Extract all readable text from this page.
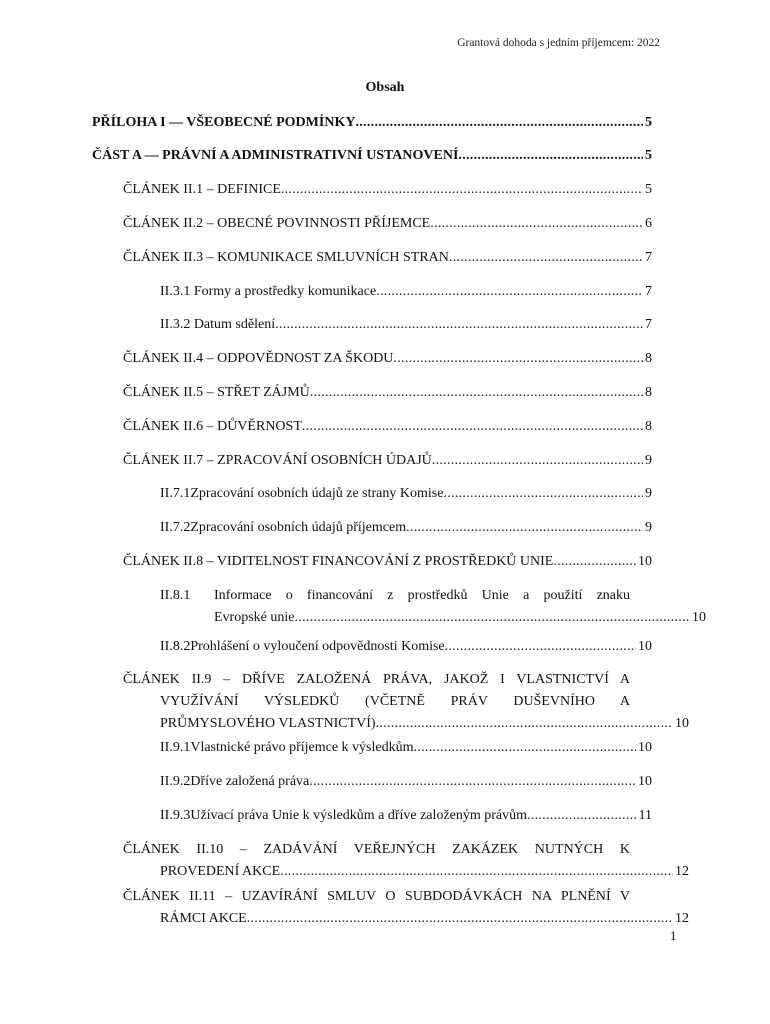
Grantová dohoda s jedním příjemcem: 2022
Obsah
PŘÍLOHA I — VŠEOBECNÉ PODMÍNKY . . .	5
ČÁST A — PRÁVNÍ A ADMINISTRATIVNÍ USTANOVENÍ . . .	5
ČLÁNEK II.1 – DEFINICE . . .	5
ČLÁNEK II.2 – OBECNÉ POVINNOSTI PŘÍJEMCE . . .	6
ČLÁNEK II.3 – KOMUNIKACE SMLUVNÍCH STRAN . . .	7
II.3.1 Formy a prostředky komunikace . . .	7
II.3.2 Datum sdělení . . .	7
ČLÁNEK II.4 – ODPOVĚDNOST ZA ŠKODU . . .	8
ČLÁNEK II.5 – STŘET ZÁJMŮ . . .	8
ČLÁNEK II.6 – DŮVĚRNOST . . .	8
ČLÁNEK II.7 – ZPRACOVÁNÍ OSOBNÍCH ÚDAJŮ . . .	9
II.7.1 Zpracování osobních údajů ze strany Komise . . .	9
II.7.2 Zpracování osobních údajů příjemcem . . .	9
ČLÁNEK II.8 – VIDITELNOST FINANCOVÁNÍ Z PROSTŘEDKŮ UNIE . . .	10
II.8.1	Informace o financování z prostředků Unie a použití znaku
Evropské unie . . .	10
II.8.2 Prohlášení o vyloučení odpovědnosti Komise . . .	10
ČLÁNEK II.9 – DŘÍVE ZALOŽENÁ PRÁVA, JAKOŽ I VLASTNICTVÍ A
VYUŽÍVÁNÍ VÝSLEDKŮ (VČETNĚ PRÁV DUŠEVNÍHO A
PRŮMYSLOVÉHO VLASTNICTVÍ) . . .	10
II.9.1 Vlastnické právo příjemce k výsledkům . . .	10
II.9.2 Dříve založená práva . . .	10
II.9.3 Užívací práva Unie k výsledkům a dříve založeným právům . . .	11
ČLÁNEK II.10 – ZADÁVÁNÍ VEŘEJNÝCH ZAKÁZEK NUTNÝCH K
PROVEDENÍ AKCE . . .	12
ČLÁNEK II.11 – UZAVÍRÁNÍ SMLUV O SUBDODÁVKÁCH NA PLNĚNÍ V
RÁMCI AKCE . . .	12
1
